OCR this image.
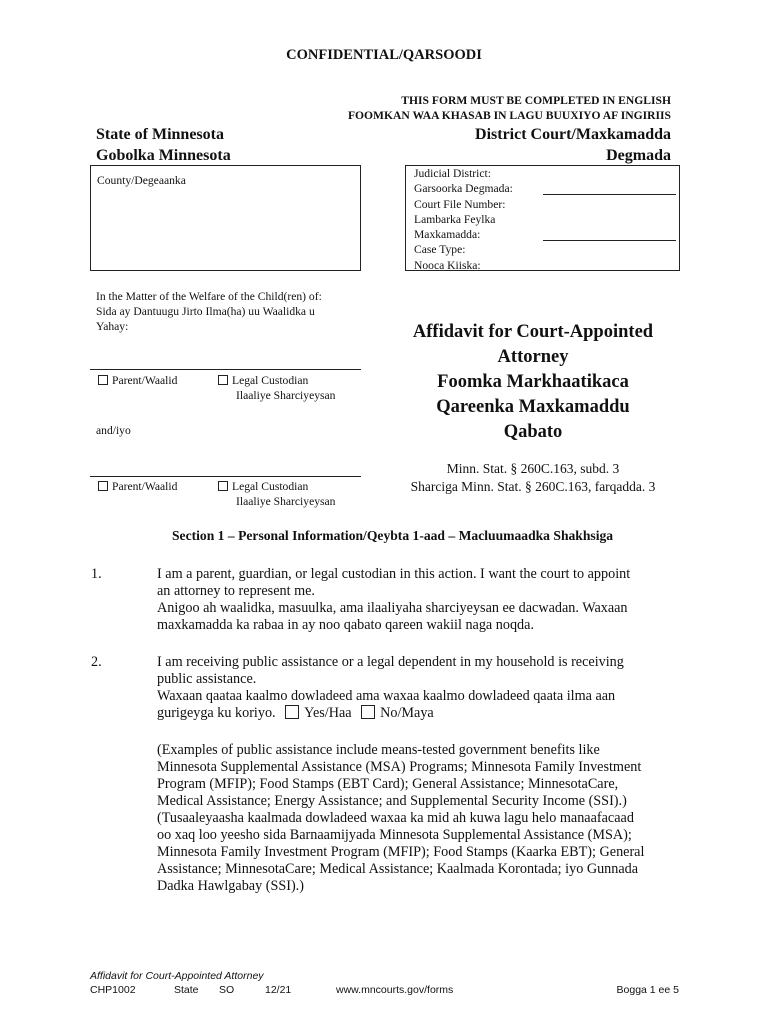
CONFIDENTIAL/QARSOODI
THIS FORM MUST BE COMPLETED IN ENGLISH
FOOMKAN WAA KHASAB IN LAGU BUUXIYO AF INGIRIIS
State of Minnesota
Gobolka Minnesota
District Court/Maxkamadda
Degmada
County/Degeaanka
Judicial District:
Garsoorka Degmada:
Court File Number:
Lambarka Feylka
Maxkamadda:
Case Type:
Nooca Kiiska:
In the Matter of the Welfare of the Child(ren) of:
Sida ay Dantuugu Jirto Ilma(ha) uu Waalidka u
Yahay:
Parent/Waalid	Legal Custodian
Ilaaliye Sharciyeysan
and/iyo
Parent/Waalid	Legal Custodian
Ilaaliye Sharciyeysan
Affidavit for Court-Appointed
Attorney
Foomka Markhaatikaca
Qareenka Maxkamaddu
Qabato
Minn. Stat. § 260C.163, subd. 3
Sharciga Minn. Stat. § 260C.163, farqadda. 3
Section 1 – Personal Information/Qeybta 1-aad – Macluumaadka Shakhsiga
1.	I am a parent, guardian, or legal custodian in this action. I want the court to appoint
an attorney to represent me.
Anigoo ah waalidka, masuulka, ama ilaaliyaha sharciyeysan ee dacwadan. Waxaan
maxkamadda ka rabaa in ay noo qabato qareen wakiil naga noqda.
2.	I am receiving public assistance or a legal dependent in my household is receiving
public assistance.
Waxaan qaataa kaalmo dowladeed ama waxaa kaalmo dowladeed qaata ilma aan
gurigeyga ku koriyo. Yes/Haa No/Maya
(Examples of public assistance include means-tested government benefits like
Minnesota Supplemental Assistance (MSA) Programs; Minnesota Family Investment
Program (MFIP); Food Stamps (EBT Card); General Assistance; MinnesotaCare,
Medical Assistance; Energy Assistance; and Supplemental Security Income (SSI).)
(Tusaaleyaasha kaalmada dowladeed waxaa ka mid ah kuwa lagu helo manaafacaad
oo xaq loo yeesho sida Barnaamijyada Minnesota Supplemental Assistance (MSA);
Minnesota Family Investment Program (MFIP); Food Stamps (Kaarka EBT); General
Assistance; MinnesotaCare; Medical Assistance; Kaalmada Korontada; iyo Gunnada
Dadka Hawlgabay (SSI).)
Affidavit for Court-Appointed Attorney
CHP1002	State SO	12/21	www.mncourts.gov/forms	Bogga 1 ee 5
